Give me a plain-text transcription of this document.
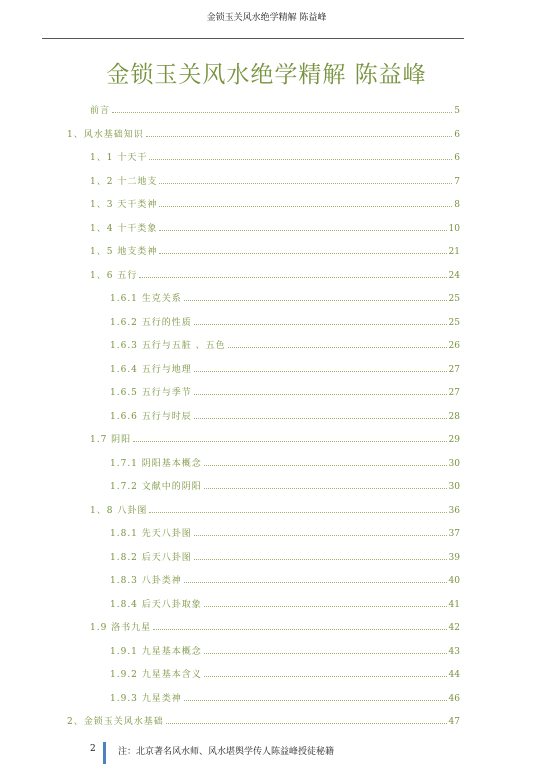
金锁玉关风水绝学精解 陈益峰
金锁玉关风水绝学精解 陈益峰
前言	5
1、风水基础知识	6
1、1 十天干	6
1、2 十二地支	7
1、3 天干类神	8
1、4 十干类象	10
1、5 地支类神	21
1、6 五行	24
1.6.1 生克关系	25
1.6.2 五行的性质	25
1.6.3 五行与五脏 、五色	26
1.6.4 五行与地理	27
1.6.5 五行与季节	27
1.6.6 五行与时辰	28
1.7 阴阳	29
1.7.1 阴阳基本概念	30
1.7.2 文献中的阴阳	30
1、8 八卦图	36
1.8.1 先天八卦图	37
1.8.2 后天八卦图	39
1.8.3 八卦类神	40
1.8.4 后天八卦取象	41
1.9 洛书九星	42
1.9.1 九星基本概念	43
1.9.2 九星基本含义	44
1.9.3 九星类神	46
2、金锁玉关风水基础	47
2 注：北京著名风水师、风水堪舆学传人陈益峰授徒秘籍
